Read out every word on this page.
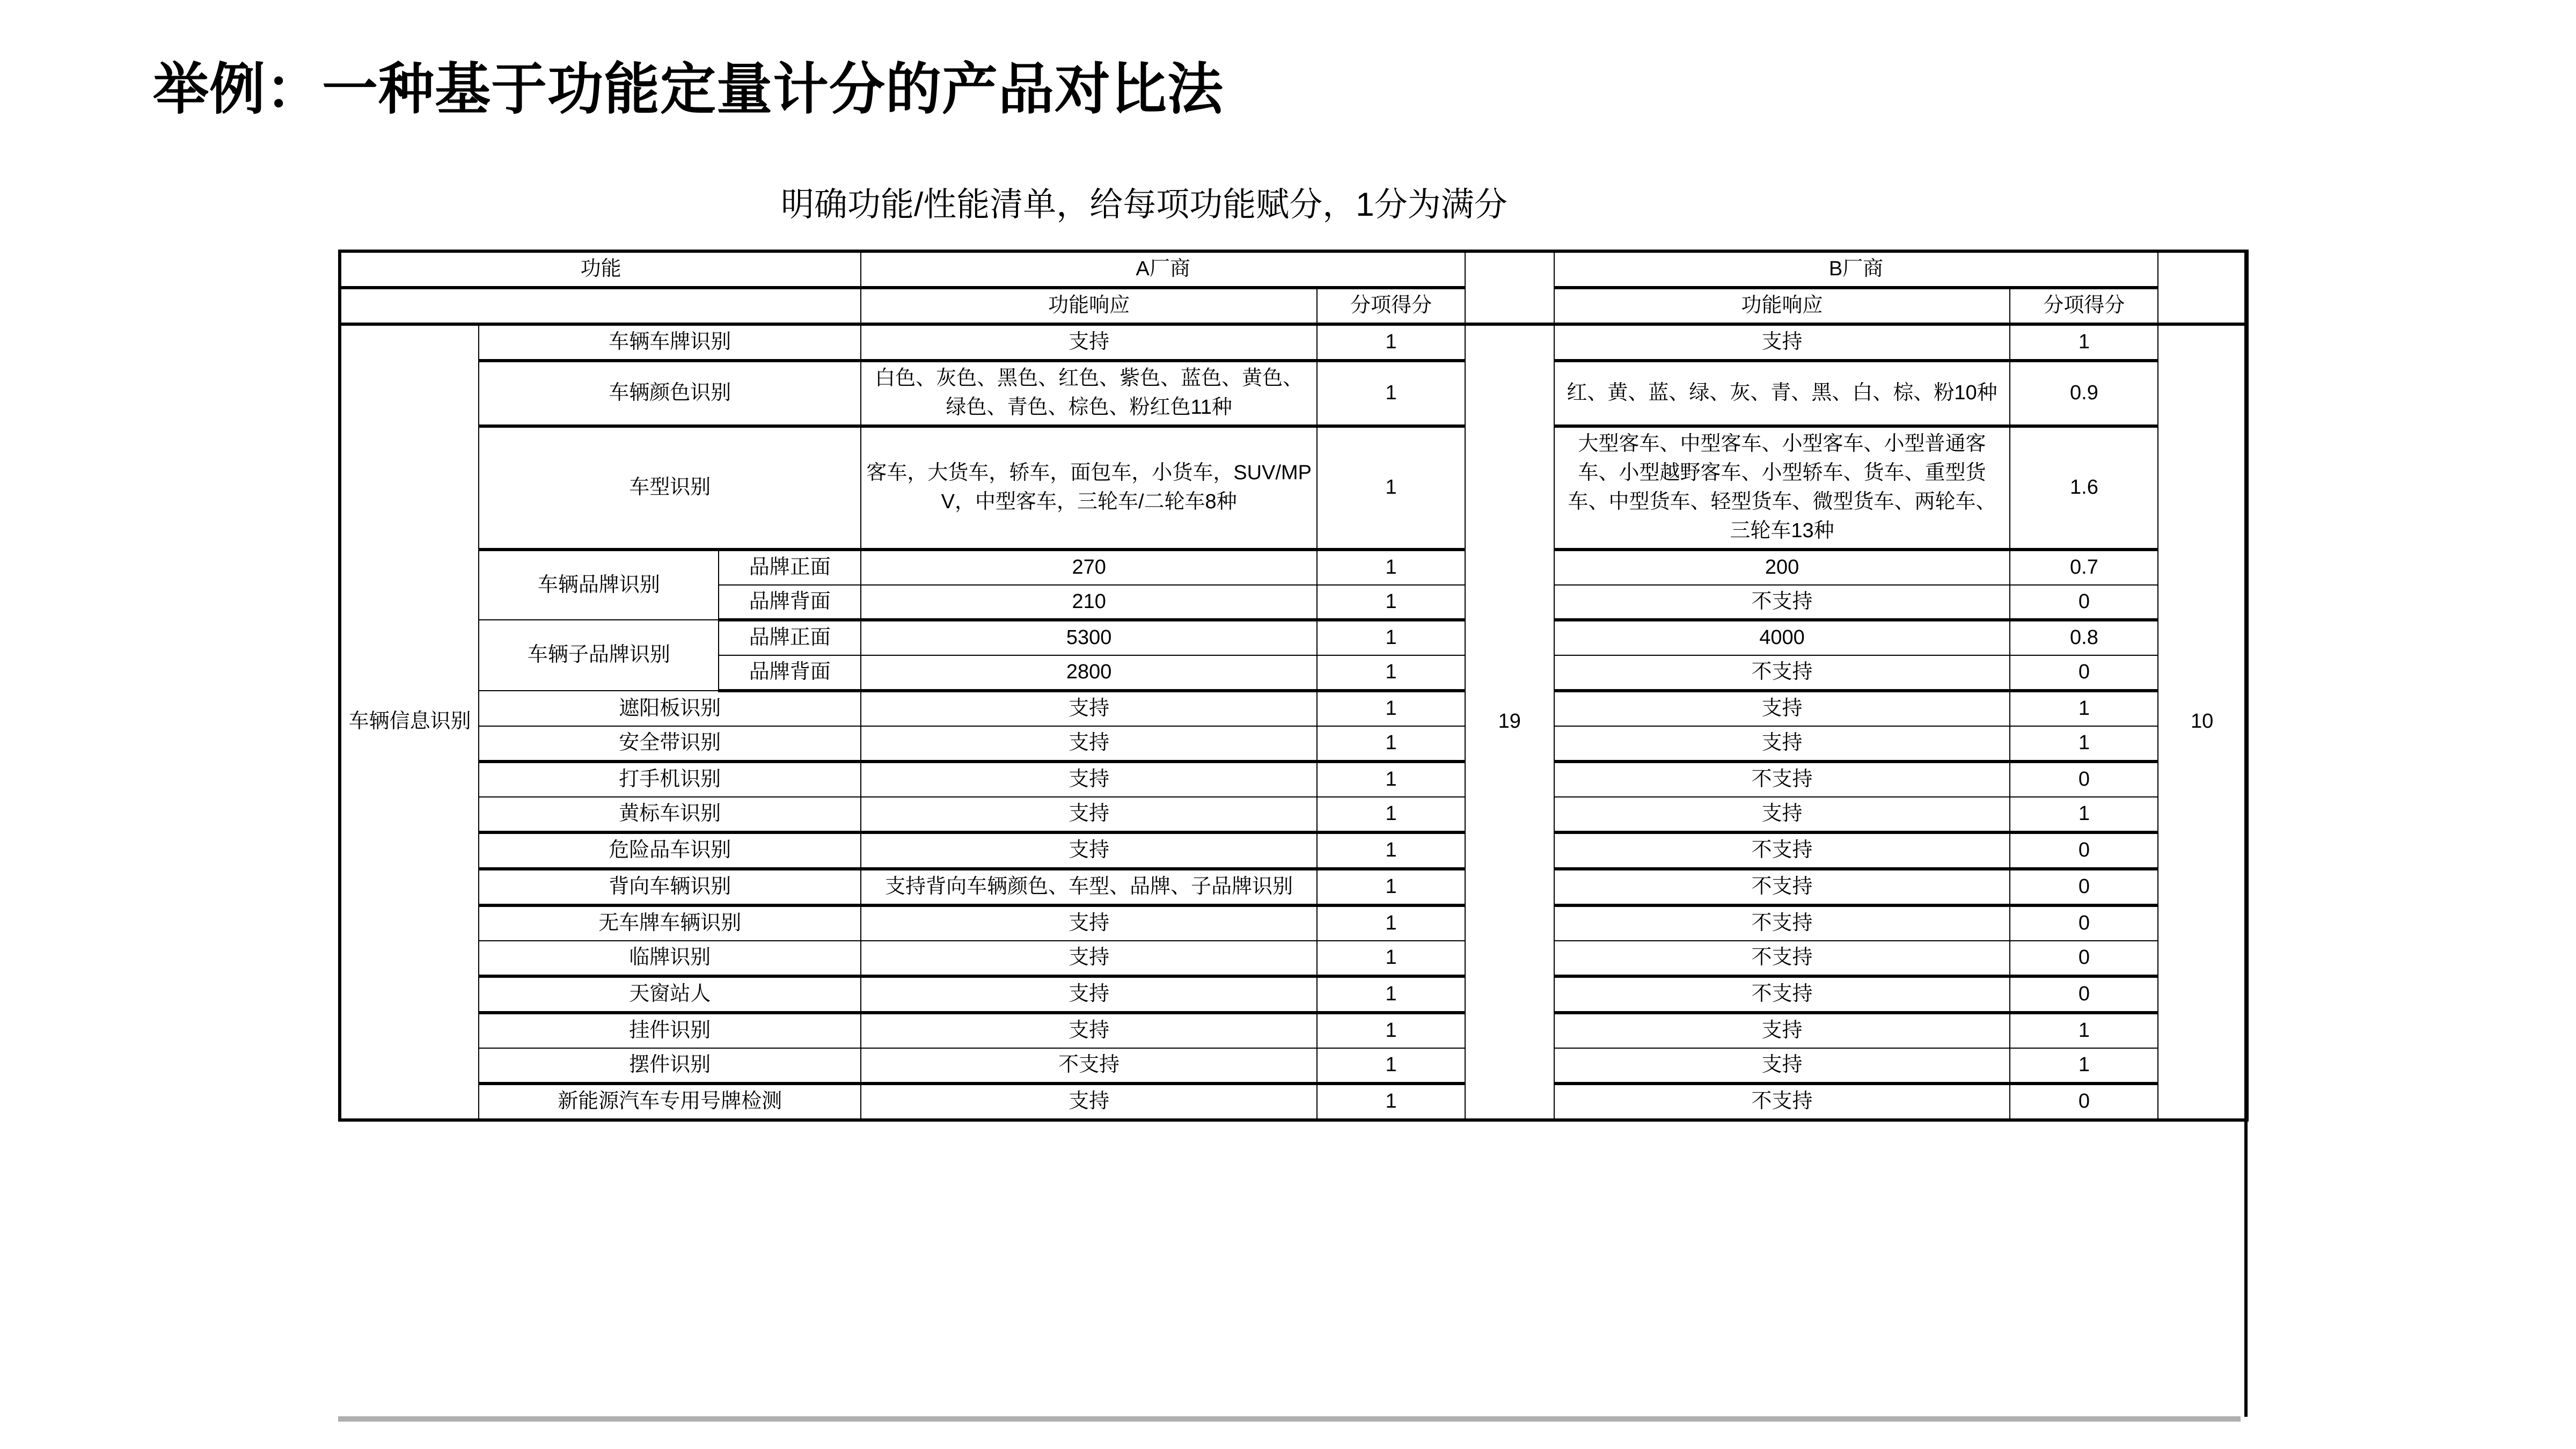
举例：一种基于功能定量计分的产品对比法
明确功能/性能清单，给每项功能赋分，1分为满分
功能			A厂商			B厂商		
			功能响应	分项得分		功能响应	分项得分	
车辆信息识别	车辆车牌识别		支持	1	19	支持	1	10
	车辆颜色识别		白色、灰色、黑色、红色、紫色、蓝色、黄色、绿色、青色、棕色、粉红色11种	1		红、黄、蓝、绿、灰、青、黑、白、棕、粉10种	0.9	
	车型识别		客车，大货车，轿车，面包车，小货车，SUV/MPV，中型客车，三轮车/二轮车8种	1		大型客车、中型客车、小型客车、小型普通客车、小型越野客车、小型轿车、货车、重型货车、中型货车、轻型货车、微型货车、两轮车、三轮车13种	1.6	
	车辆品牌识别	品牌正面	270	1		200	0.7	
		品牌背面	210	1		不支持	0	
	车辆子品牌识别	品牌正面	5300	1		4000	0.8	
		品牌背面	2800	1		不支持	0	
	遮阳板识别		支持	1		支持	1	
	安全带识别		支持	1		支持	1	
	打手机识别		支持	1		不支持	0	
	黄标车识别		支持	1		支持	1	
	危险品车识别		支持	1		不支持	0	
	背向车辆识别		支持背向车辆颜色、车型、品牌、子品牌识别	1		不支持	0	
	无车牌车辆识别		支持	1		不支持	0	
	临牌识别		支持	1		不支持	0	
	天窗站人		支持	1		不支持	0	
	挂件识别		支持	1		支持	1	
	摆件识别		不支持	1		支持	1	
	新能源汽车专用号牌检测		支持	1		不支持	0	
